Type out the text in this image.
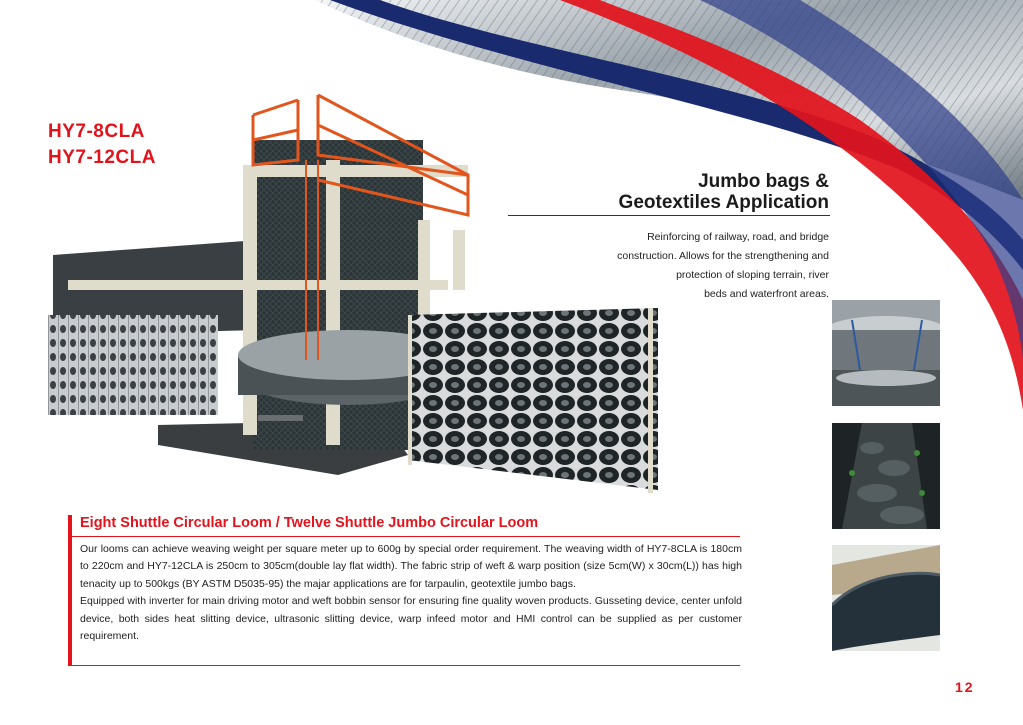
HY7-8CLA
HY7-12CLA
Jumbo bags &
Geotextiles Application
Reinforcing of railway, road, and bridge
construction. Allows for the strengthening and
protection of sloping terrain, river
beds and waterfront areas.
Eight Shuttle Circular Loom / Twelve Shuttle Jumbo Circular Loom

Our looms can achieve weaving weight per square meter up to 600g by special order requirement. The weaving width of HY7-8CLA is 180cm to 220cm and HY7-12CLA is 250cm to 305cm(double lay flat width). The fabric strip of weft & warp position (size 5cm(W) x 30cm(L)) has high tenacity up to 500kgs (BY ASTM D5035-95) the majar applications are for tarpaulin, geotextile jumbo bags.

Equipped with inverter for main driving motor and weft bobbin sensor for ensuring fine quality woven products. Gusseting device, center unfold device, both sides heat slitting device, ultrasonic slitting device, warp infeed motor and HMI control can be supplied as per customer requirement.

12
